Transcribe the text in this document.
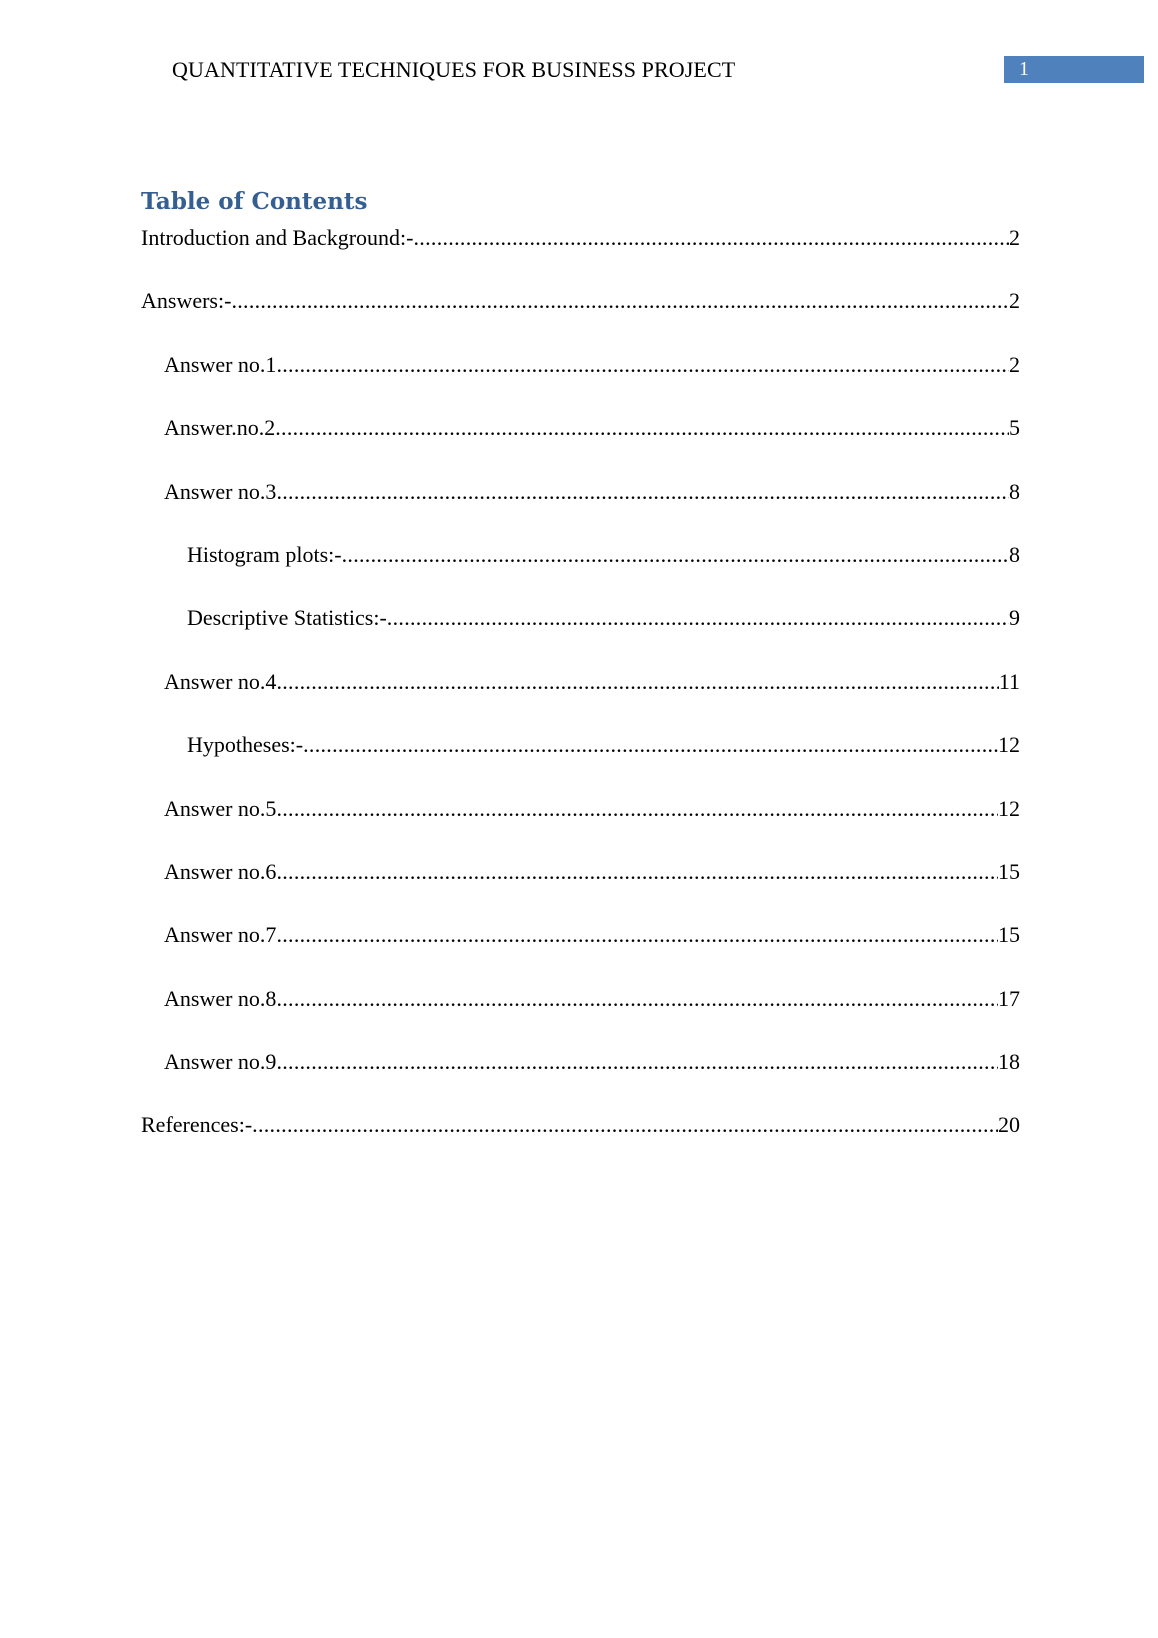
QUANTITATIVE TECHNIQUES FOR BUSINESS PROJECT	1
Table of Contents
Introduction and Background:- .....	2
Answers:- .....	2
Answer no.1 .....	2
Answer.no.2 .....	5
Answer no.3 .....	8
Histogram plots:- .....	8
Descriptive Statistics:- .....	9
Answer no.4 .....	11
Hypotheses:- .....	12
Answer no.5 .....	12
Answer no.6 .....	15
Answer no.7 .....	15
Answer no.8 .....	17
Answer no.9 .....	18
References:- .....	20
